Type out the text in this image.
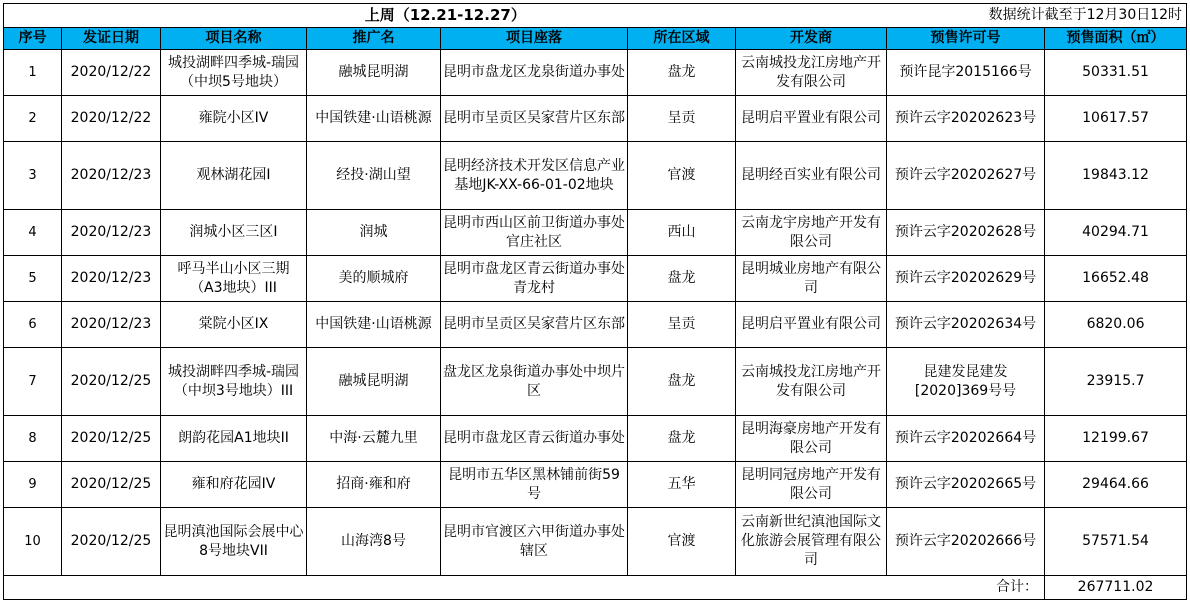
上周（12.21-12.27）							数据统计截至于12月30日12时	
序号	发证日期	项目名称	推广名	项目座落	所在区域	开发商	预售许可号	预售面积（㎡）
1	2020/12/22	城投湖畔四季城-瑞园（中坝5号地块）	融城昆明湖	昆明市盘龙区龙泉街道办事处	盘龙	云南城投龙江房地产开发有限公司	预许昆字2015166号	50331.51
2	2020/12/22	雍院小区IV	中国铁建·山语桃源	昆明市呈贡区吴家营片区东部	呈贡	昆明启平置业有限公司	预许云字20202623号	10617.57
3	2020/12/23	观林湖花园I	经投·湖山望	昆明经济技术开发区信息产业基地JK-XX-66-01-02地块	官渡	昆明经百实业有限公司	预许云字20202627号	19843.12
4	2020/12/23	润城小区三区I	润城	昆明市西山区前卫街道办事处官庄社区	西山	云南龙宇房地产开发有限公司	预许云字20202628号	40294.71
5	2020/12/23	呼马半山小区三期（A3地块）III	美的顺城府	昆明市盘龙区青云街道办事处青龙村	盘龙	昆明城业房地产有限公司	预许云字20202629号	16652.48
6	2020/12/23	棠院小区IX	中国铁建·山语桃源	昆明市呈贡区吴家营片区东部	呈贡	昆明启平置业有限公司	预许云字20202634号	6820.06
7	2020/12/25	城投湖畔四季城-瑞园（中坝3号地块）III	融城昆明湖	盘龙区龙泉街道办事处中坝片区	盘龙	云南城投龙江房地产开发有限公司	昆建发昆建发[2020]369号号	23915.7
8	2020/12/25	朗韵花园A1地块II	中海·云麓九里	昆明市盘龙区青云街道办事处	盘龙	昆明海豪房地产开发有限公司	预许云字20202664号	12199.67
9	2020/12/25	雍和府花园IV	招商·雍和府	昆明市五华区黑林铺前街59号	五华	昆明同冠房地产开发有限公司	预许云字20202665号	29464.66
10	2020/12/25	昆明滇池国际会展中心8号地块VII	山海湾8号	昆明市官渡区六甲街道办事处辖区	官渡	云南新世纪滇池国际文化旅游会展管理有限公司	预许云字20202666号	57571.54
							合计：	267711.02
